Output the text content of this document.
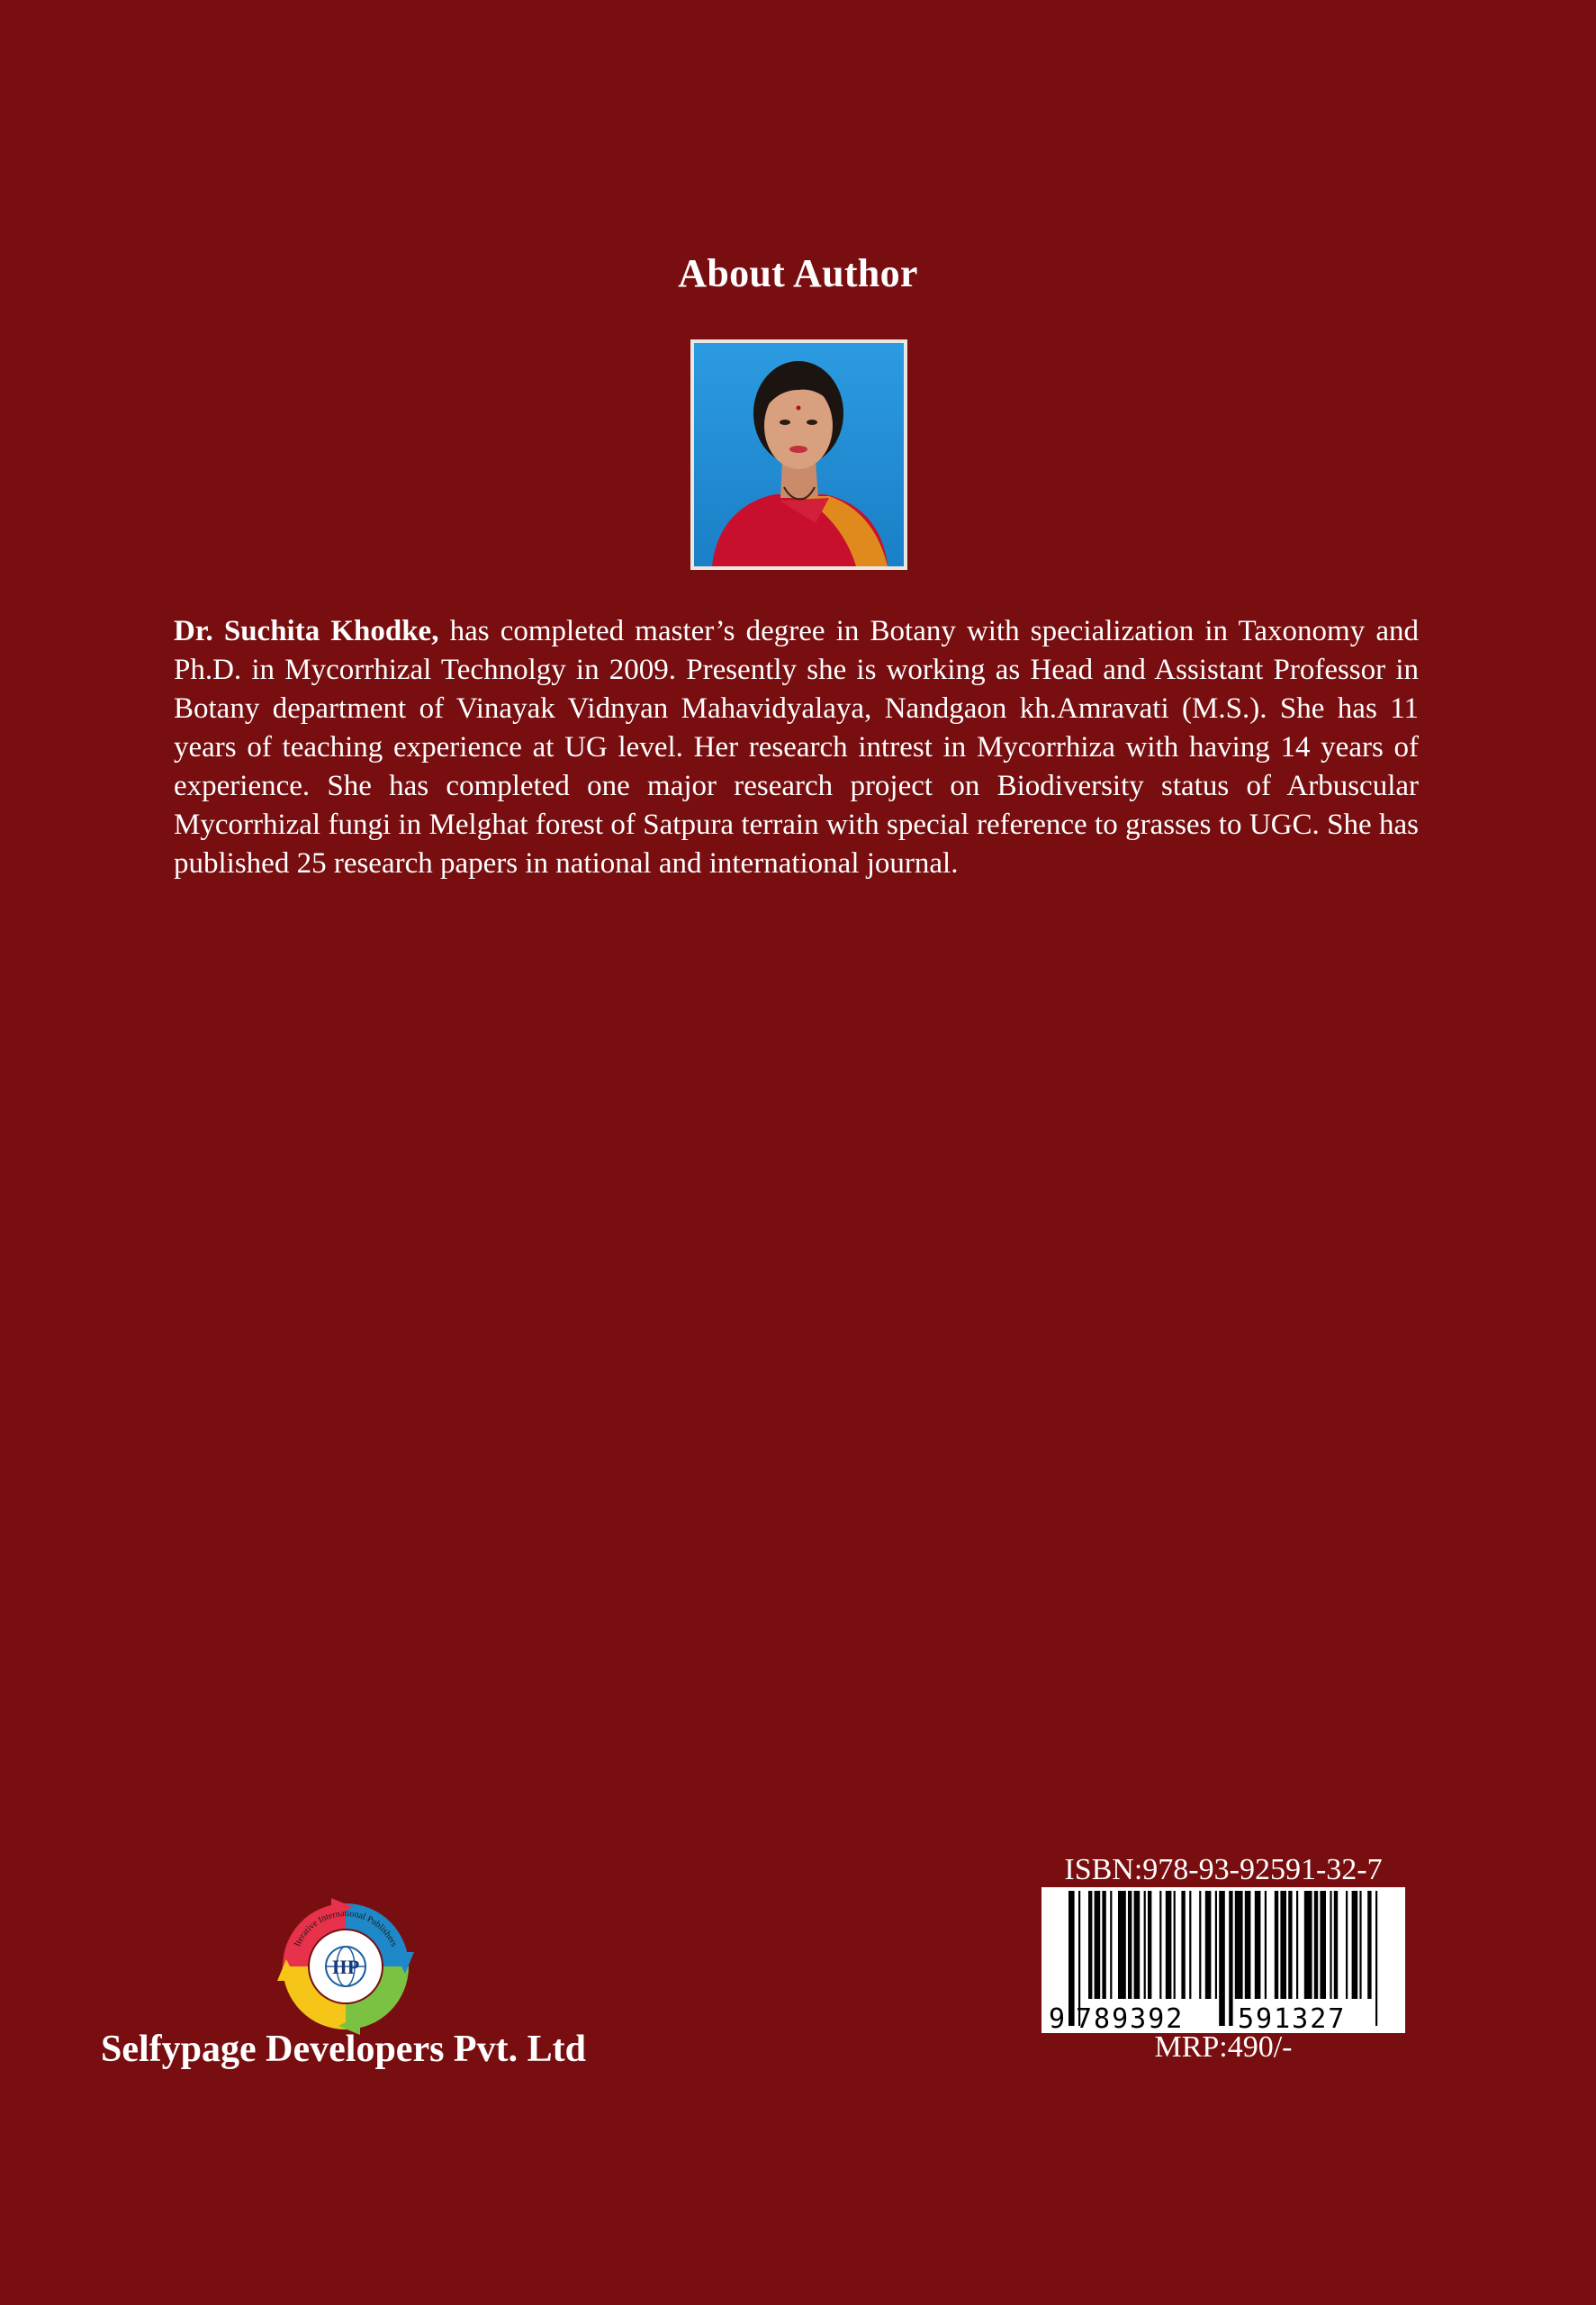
About Author

Dr. Suchita Khodke, has completed master’s degree in Botany with specialization in Taxonomy and Ph.D. in Mycorrhizal Technolgy in 2009. Presently she is working as Head and Assistant Professor in Botany department of Vinayak Vidnyan Mahavidyalaya, Nandgaon kh.Amravati (M.S.). She has 11 years of teaching experience at UG level. Her research intrest in Mycorrhiza with having 14 years of experience. She has completed one major research project on Biodiversity status of Arbuscular Mycorrhizal fungi in Melghat forest of Satpura terrain with special reference to grasses to UGC. She has published 25 research papers in national and international journal.

IIP
Iterative International Publishers
Selfypage Developers Pvt. Ltd
ISBN:978-93-92591-32-7
9 789392 591327
MRP:490/-
